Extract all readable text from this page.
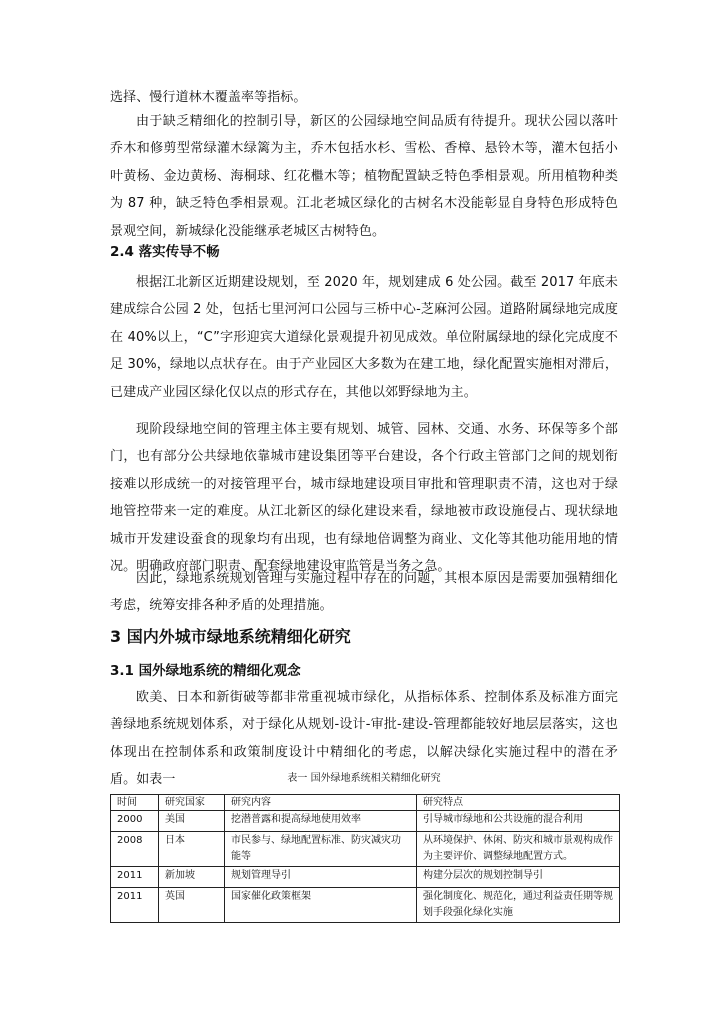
选择、慢行道林木覆盖率等指标。

由于缺乏精细化的控制引导，新区的公园绿地空间品质有待提升。现状公园以落叶乔木和修剪型常绿灌木绿篱为主，乔木包括水杉、雪松、香樟、悬铃木等，灌木包括小叶黄杨、金边黄杨、海桐球、红花檵木等；植物配置缺乏特色季相景观。所用植物种类为 87 种，缺乏特色季相景观。江北老城区绿化的古树名木没能彰显自身特色形成特色景观空间，新城绿化没能继承老城区古树特色。

2.4 落实传导不畅

根据江北新区近期建设规划，至 2020 年，规划建成 6 处公园。截至 2017 年底未建成综合公园 2 处，包括七里河河口公园与三桥中心-芝麻河公园。道路附属绿地完成度在 40%以上，“C”字形迎宾大道绿化景观提升初见成效。单位附属绿地的绿化完成度不足 30%，绿地以点状存在。由于产业园区大多数为在建工地，绿化配置实施相对滞后，已建成产业园区绿化仅以点的形式存在，其他以郊野绿地为主。

现阶段绿地空间的管理主体主要有规划、城管、园林、交通、水务、环保等多个部门，也有部分公共绿地依靠城市建设集团等平台建设，各个行政主管部门之间的规划衔接难以形成统一的对接管理平台，城市绿地建设项目审批和管理职责不清，这也对于绿地管控带来一定的难度。从江北新区的绿化建设来看，绿地被市政设施侵占、现状绿地城市开发建设蚕食的现象均有出现，也有绿地倍调整为商业、文化等其他功能用地的情况。明确政府部门职责、配套绿地建设审监管是当务之急。

因此，绿地系统规划管理与实施过程中存在的问题，其根本原因是需要加强精细化考虑，统筹安排各种矛盾的处理措施。

3 国内外城市绿地系统精细化研究
3.1 国外绿地系统的精细化观念

欧美、日本和新街破等都非常重视城市绿化，从指标体系、控制体系及标准方面完善绿地系统规划体系，对于绿化从规划-设计-审批-建设-管理都能较好地层层落实，这也体现出在控制体系和政策制度设计中精细化的考虑，以解决绿化实施过程中的潜在矛盾。如表一	表一 国外绿地系统相关精细化研究

时间	研究国家	研究内容	研究特点
2000	美国	挖潜普露和提高绿地使用效率	引导城市绿地和公共设施的混合利用
2008	日本	市民参与、绿地配置标准、防灾减灾功能等	从环境保护、休闲、防灾和城市景观构成作为主要评价、调整绿地配置方式。
2011	新加坡	规划管理导引	构建分层次的规划控制导引
2011	英国	国家催化政策框架	强化制度化、规范化，通过利益责任期等规划手段强化绿化实施
